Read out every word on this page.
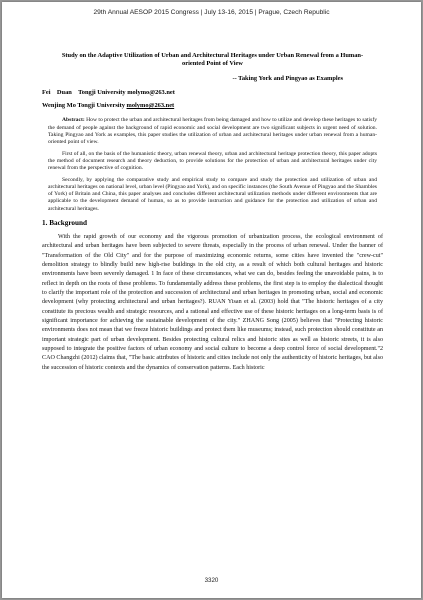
29th Annual AESOP 2015 Congress | July 13-16, 2015 | Prague, Czech Republic
Study on the Adaptive Utilization of Urban and Architectural Heritages under Urban Renewal from a Human-oriented Point of View
-- Taking York and Pingyao as Examples
Fei    Duan    Tongji University molymo@263.net
Wenjing Mo Tongji University molymo@263.net

Abstract: How to protect the urban and architectural heritages from being damaged and how to utilize and develop these heritages to satisfy the demand of people against the background of rapid economic and social development are two significant subjects in urgent need of solution. Taking Pingyao and York as examples, this paper studies the utilization of urban and architectural heritages under urban renewal from a human-oriented point of view.

First of all, on the basis of the humanistic theory, urban renewal theory, urban and architectural heritage protection theory, this paper adopts the method of document research and theory deduction, to provide solutions for the protection of urban and architectural heritages under city renewal from the perspective of cognition.

Secondly, by applying the comparative study and empirical study to compare and study the protection and utilization of urban and architectural heritages on national level, urban level (Pingyao and York), and on specific instances (the South Avenue of Pingyao and the Shambles of York) of Britain and China, this paper analyses and concludes different architectural utilization methods under different environments that are applicable to the development demand of human, so as to provide instruction and guidance for the protection and utilization of urban and architectural heritages.

1. Background

With the rapid growth of our economy and the vigorous promotion of urbanization process, the ecological environment of architectural and urban heritages have been subjected to severe threats, especially in the process of urban renewal. Under the banner of "Transformation of the Old City" and for the purpose of maximizing economic returns, some cities have invented the "crew-cut" demolition strategy to blindly build new high-rise buildings in the old city, as a result of which both cultural heritages and historic environments have been severely damaged. 1 In face of these circumstances, what we can do, besides feeling the unavoidable pains, is to reflect in depth on the roots of these problems. To fundamentally address these problems, the first step is to employ the dialectical thought to clarify the important role of the protection and succession of architectural and urban heritages in promoting urban, social and economic development (why protecting architectural and urban heritages?). RUAN Yisan et al. (2003) hold that "The historic heritages of a city constitute its precious wealth and strategic resources, and a rational and effective use of these historic heritages on a long-term basis is of significant importance for achieving the sustainable development of the city." ZHANG Song (2005) believes that "Protecting historic environments does not mean that we freeze historic buildings and protect them like museums; instead, such protection should constitute an important strategic part of urban development. Besides protecting cultural relics and historic sites as well as historic streets, it is also supposed to integrate the positive factors of urban economy and social culture to become a deep control force of social development."2 CAO Changzhi (2012) claims that, "The basic attributes of historic and cities include not only the authenticity of historic heritages, but also the succession of historic contexts and the dynamics of conservation patterns. Each historic

3320
